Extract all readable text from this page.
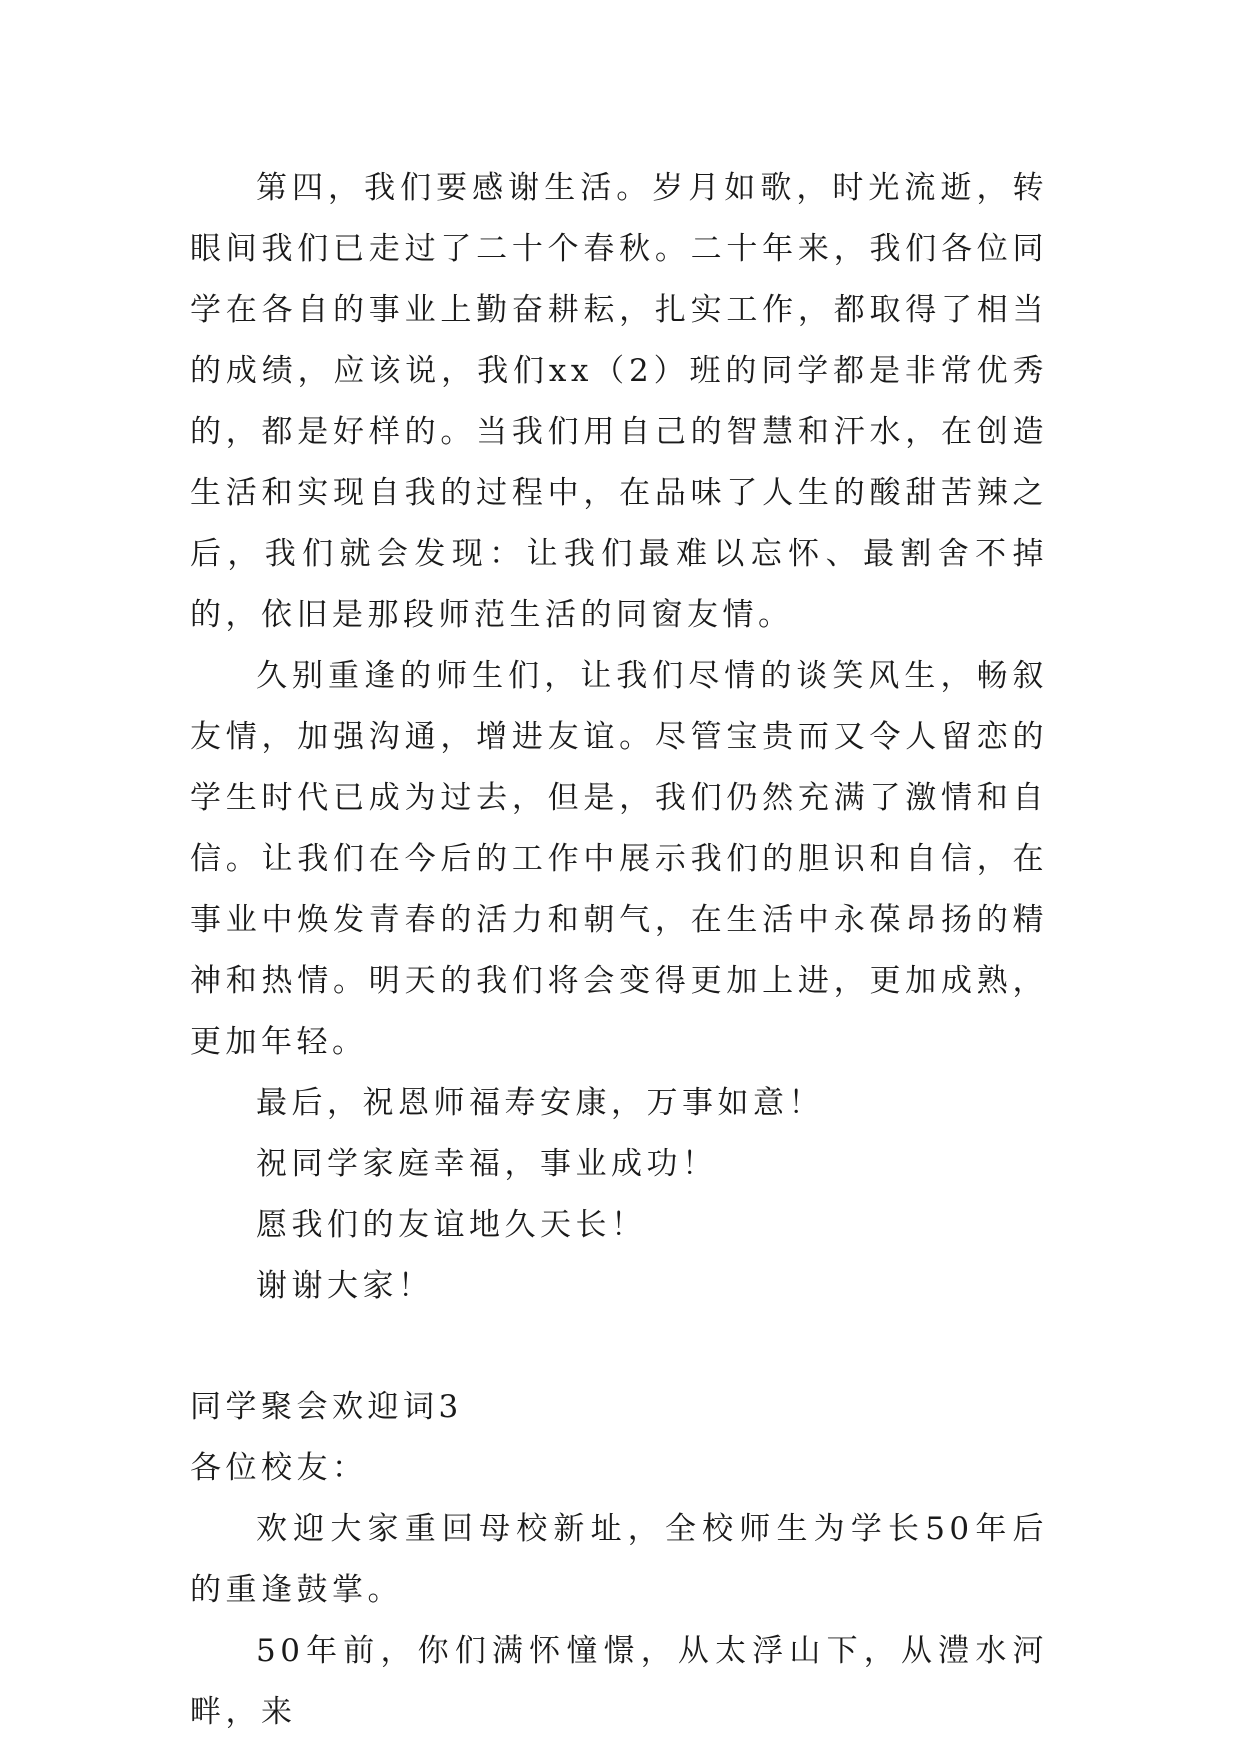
第四，我们要感谢生活。岁月如歌，时光流逝，转眼间我们已走过了二十个春秋。二十年来，我们各位同学在各自的事业上勤奋耕耘，扎实工作，都取得了相当的成绩，应该说，我们xx（2）班的同学都是非常优秀的，都是好样的。当我们用自己的智慧和汗水，在创造生活和实现自我的过程中，在品味了人生的酸甜苦辣之后，我们就会发现：让我们最难以忘怀、最割舍不掉的，依旧是那段师范生活的同窗友情。

久别重逢的师生们，让我们尽情的谈笑风生，畅叙友情，加强沟通，增进友谊。尽管宝贵而又令人留恋的学生时代已成为过去，但是，我们仍然充满了激情和自信。让我们在今后的工作中展示我们的胆识和自信，在事业中焕发青春的活力和朝气，在生活中永葆昂扬的精神和热情。明天的我们将会变得更加上进，更加成熟，更加年轻。

最后，祝恩师福寿安康，万事如意！

祝同学家庭幸福，事业成功！

愿我们的友谊地久天长！

谢谢大家！

同学聚会欢迎词3

各位校友：

欢迎大家重回母校新址，全校师生为学长50年后的重逢鼓掌。

50年前，你们满怀憧憬，从太浮山下，从澧水河畔，来
